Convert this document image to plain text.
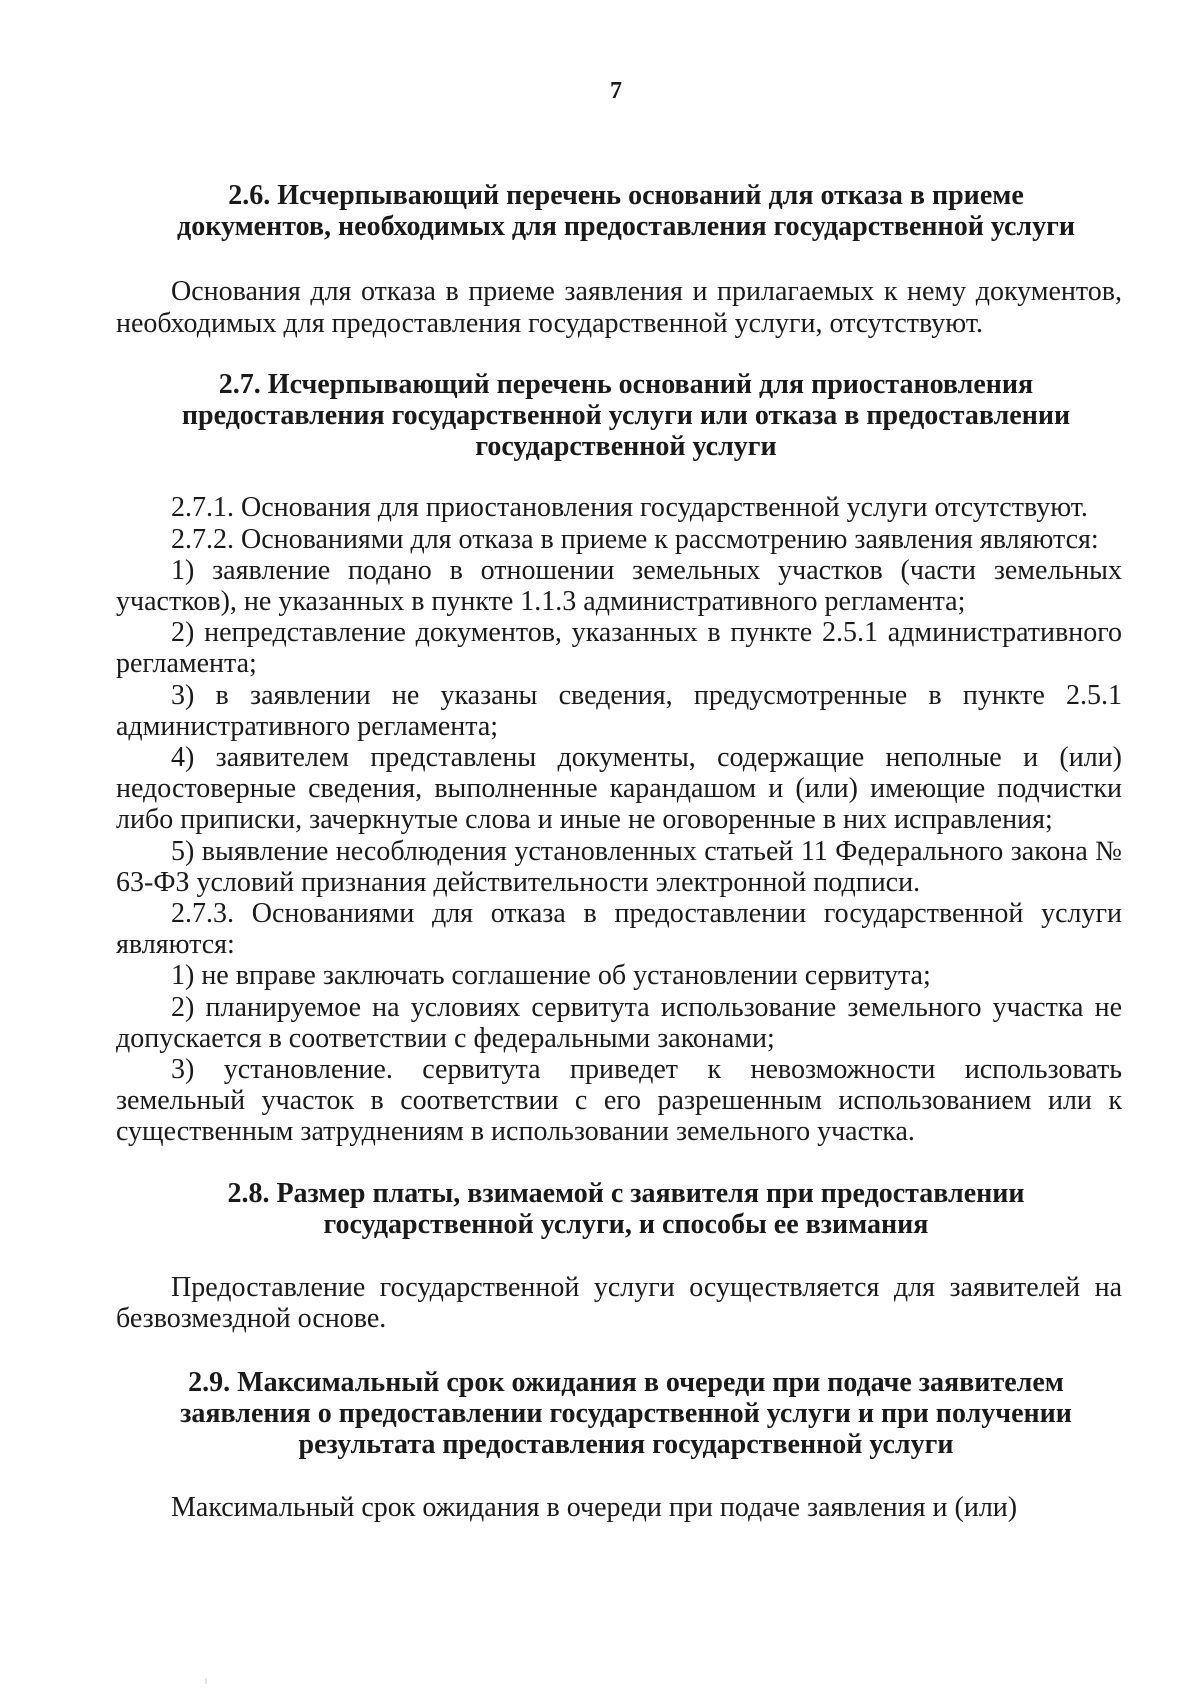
7
2.6. Исчерпывающий перечень оснований для отказа в приеме документов, необходимых для предоставления государственной услуги

Основания для отказа в приеме заявления и прилагаемых к нему документов, необходимых для предоставления государственной услуги, отсутствуют.

2.7. Исчерпывающий перечень оснований для приостановления предоставления государственной услуги или отказа в предоставлении государственной услуги

2.7.1. Основания для приостановления государственной услуги отсутствуют.

2.7.2. Основаниями для отказа в приеме к рассмотрению заявления являются:

1) заявление подано в отношении земельных участков (части земельных участков), не указанных в пункте 1.1.3 административного регламента;

2) непредставление документов, указанных в пункте 2.5.1 административного регламента;

3) в заявлении не указаны сведения, предусмотренные в пункте 2.5.1 административного регламента;

4) заявителем представлены документы, содержащие неполные и (или) недостоверные сведения, выполненные карандашом и (или) имеющие подчистки либо приписки, зачеркнутые слова и иные не оговоренные в них исправления;

5) выявление несоблюдения установленных статьей 11 Федерального закона № 63-ФЗ условий признания действительности электронной подписи.

2.7.3. Основаниями для отказа в предоставлении государственной услуги являются:

1) не вправе заключать соглашение об установлении сервитута;

2) планируемое на условиях сервитута использование земельного участка не допускается в соответствии с федеральными законами;

3) установление. сервитута приведет к невозможности использовать земельный участок в соответствии с его разрешенным использованием или к существенным затруднениям в использовании земельного участка.

2.8. Размер платы, взимаемой с заявителя при предоставлении государственной услуги, и способы ее взимания

Предоставление государственной услуги осуществляется для заявителей на безвозмездной основе.

2.9. Максимальный срок ожидания в очереди при подаче заявителем заявления о предоставлении государственной услуги и при получении результата предоставления государственной услуги

Максимальный срок ожидания в очереди при подаче заявления и (или)
